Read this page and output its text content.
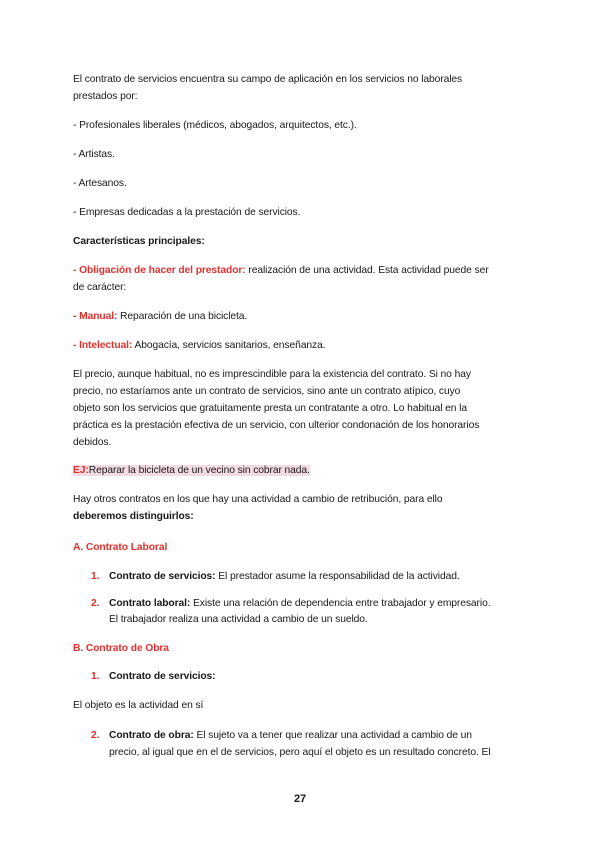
El contrato de servicios encuentra su campo de aplicación en los servicios no laborales
prestados por:
- Profesionales liberales (médicos, abogados, arquitectos, etc.).
- Artistas.
- Artesanos.
- Empresas dedicadas a la prestación de servicios.
Características principales:
- Obligación de hacer del prestador: realización de una actividad. Esta actividad puede ser
de carácter:
- Manual: Reparación de una bicicleta.
- Intelectual: Abogacía, servicios sanitarios, enseñanza.
El precio, aunque habitual, no es imprescindible para la existencia del contrato. Si no hay
precio, no estaríamos ante un contrato de servicios, sino ante un contrato atípico, cuyo
objeto son los servicios que gratuitamente presta un contratante a otro. Lo habitual en la
práctica es la prestación efectiva de un servicio, con ulterior condonación de los honorarios
debidos.
EJ:Reparar la bicicleta de un vecino sin cobrar nada.
Hay otros contratos en los que hay una actividad a cambio de retribución, para ello
deberemos distinguirlos:
A. Contrato Laboral
1. Contrato de servicios: El prestador asume la responsabilidad de la actividad.
2. Contrato laboral: Existe una relación de dependencia entre trabajador y empresario.
El trabajador realiza una actividad a cambio de un sueldo.
B. Contrato de Obra
1. Contrato de servicios:
El objeto es la actividad en sí
2. Contrato de obra: El sujeto va a tener que realizar una actividad a cambio de un
precio, al igual que en el de servicios, pero aquí el objeto es un resultado concreto. El
27
